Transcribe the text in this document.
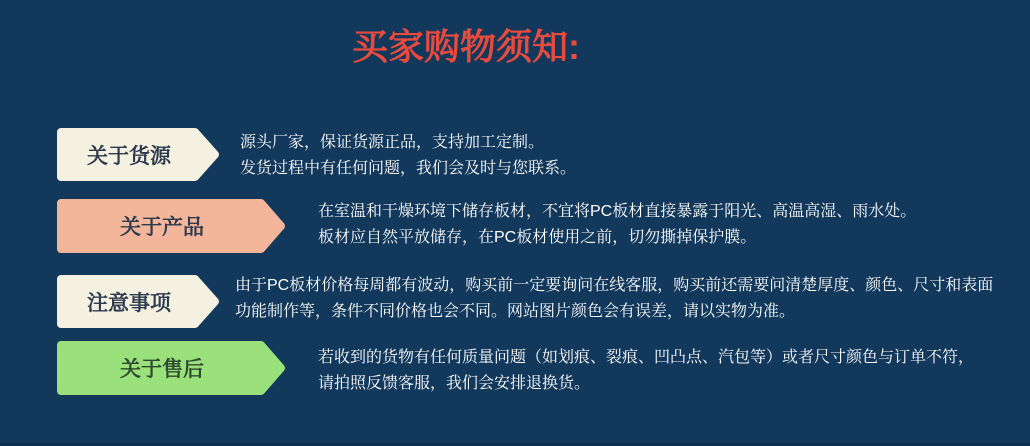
买家购物须知:
关于货源
源头厂家，保证货源正品，支持加工定制。
发货过程中有任何问题，我们会及时与您联系。
关于产品
在室温和干燥环境下储存板材，不宜将PC板材直接暴露于阳光、高温高湿、雨水处。
板材应自然平放储存，在PC板材使用之前，切勿撕掉保护膜。
注意事项
由于PC板材价格每周都有波动，购买前一定要询问在线客服，购买前还需要问清楚厚度、颜色、尺寸和表面
功能制作等，条件不同价格也会不同。网站图片颜色会有误差，请以实物为准。
关于售后
若收到的货物有任何质量问题（如划痕、裂痕、凹凸点、汽包等）或者尺寸颜色与订单不符，
请拍照反馈客服，我们会安排退换货。
